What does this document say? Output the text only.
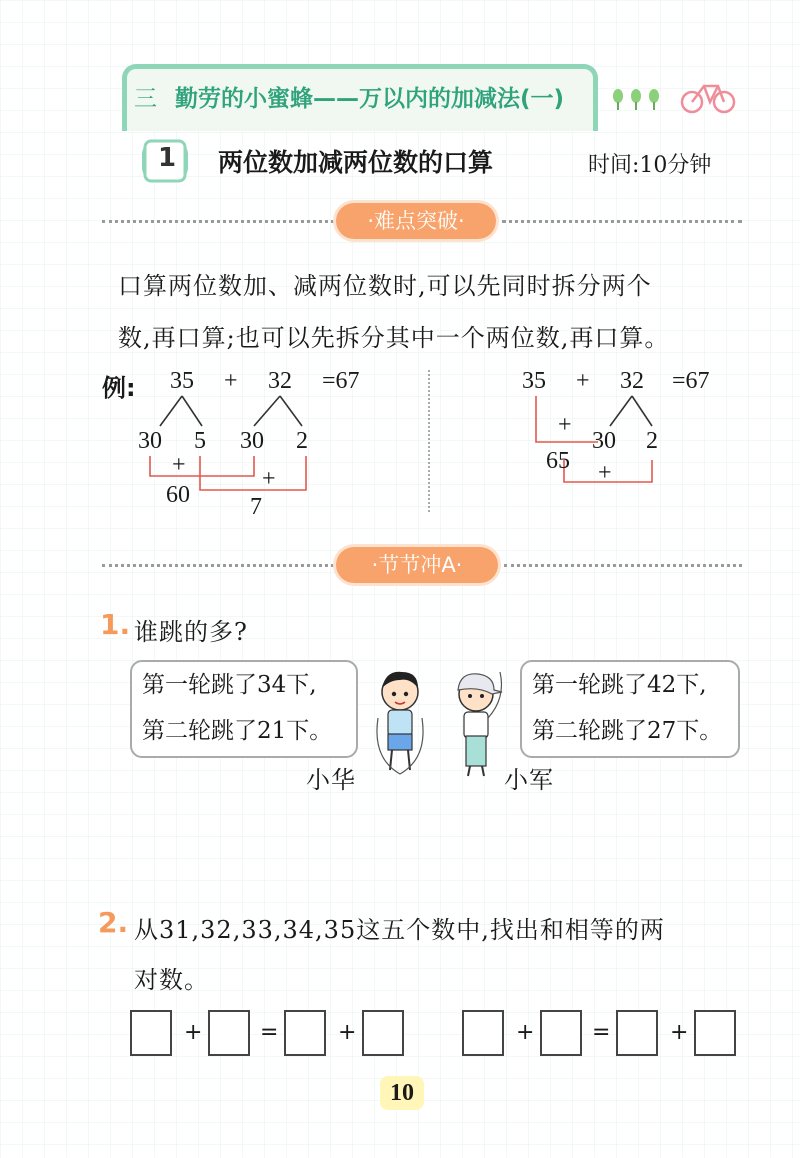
三 勤劳的小蜜蜂——万以内的加减法(一)
1 两位数加减两位数的口算	时间:10分钟
·难点突破·
口算两位数加、减两位数时,可以先同时拆分两个
数,再口算;也可以先拆分其中一个两位数,再口算。
例: 35 + 32 =67
30 5 30 2
+
+
60	7
35 + 32 =67
+
30 2
65 +
·节节冲A·
1. 谁跳的多?
第一轮跳了34下,
第二轮跳了21下。
第一轮跳了42下,
第二轮跳了27下。
小华	小军
2. 从31,32,33,34,35这五个数中,找出和相等的两
对数。
+	=	+	+	=	+
10
